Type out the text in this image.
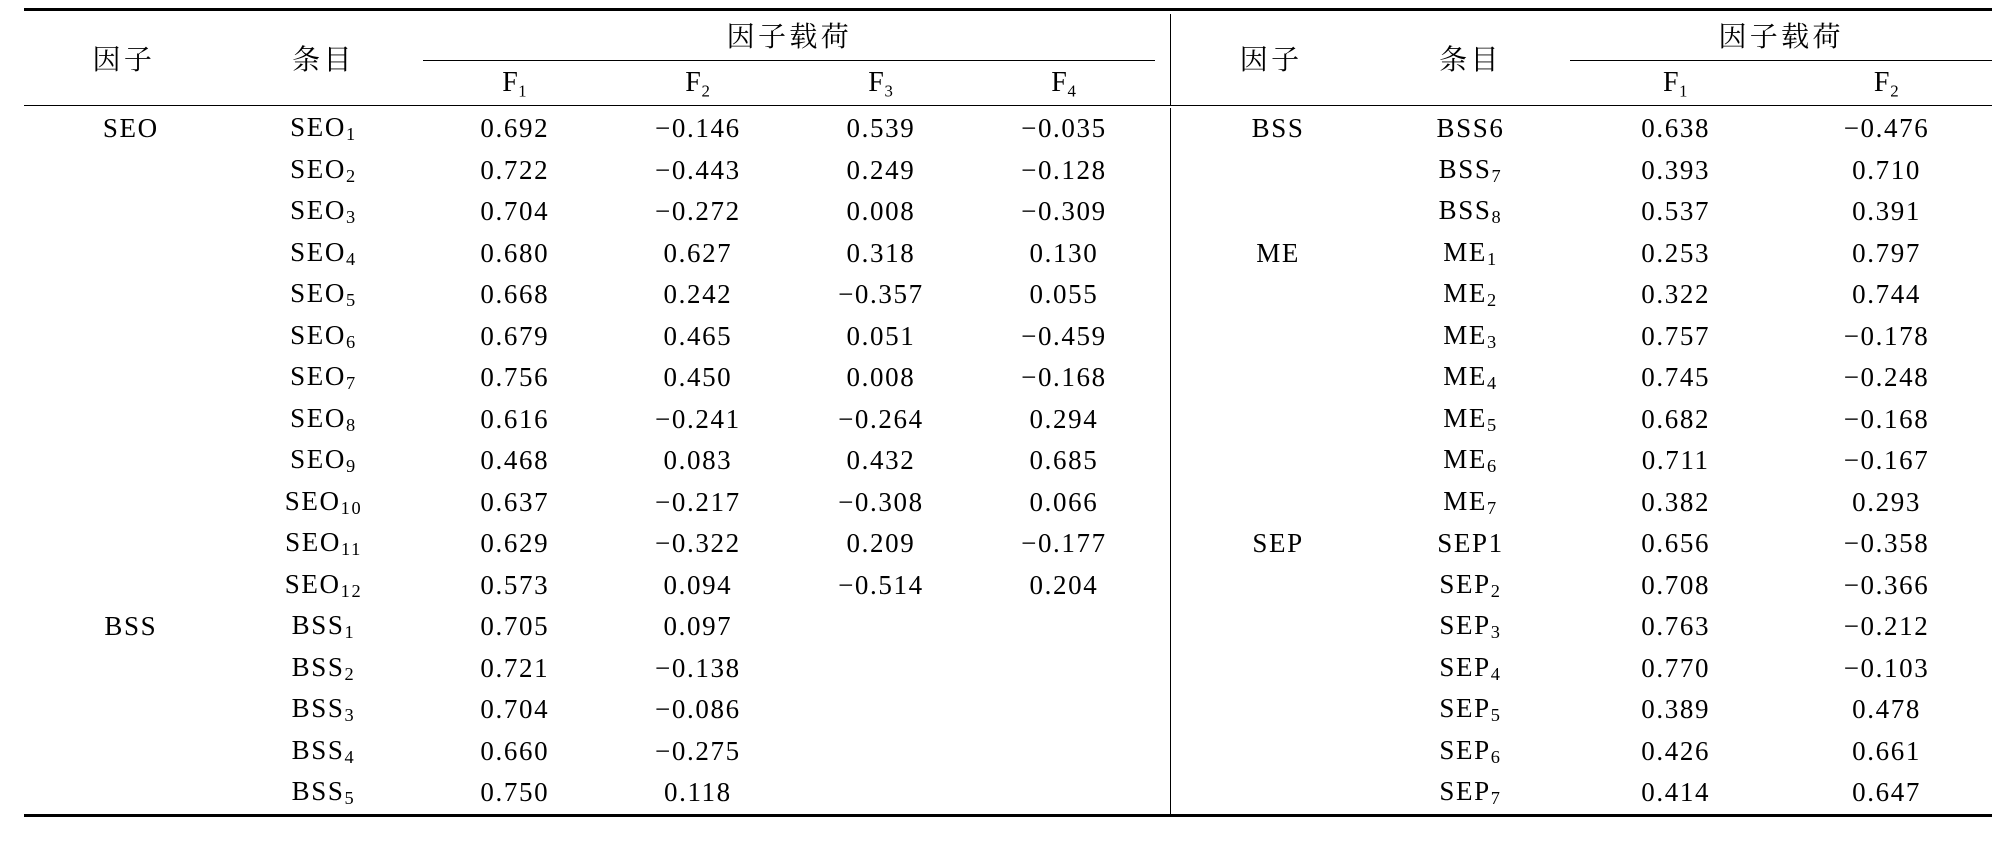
因子	条目	因子载荷					因子	条目	因子载荷	
		F₁	F₂	F₃	F₄				F₁	F₂

SEO	$SEO_1$	0.692	−0.146	0.539	−0.035		BSS	BSS6	0.638	−0.476
	$SEO_2$	0.722	−0.443	0.249	−0.128			$BSS_7$	0.393	0.710
	$SEO_3$	0.704	−0.272	0.008	−0.309			$BSS_8$	0.537	0.391
	$SEO_4$	0.680	0.627	0.318	0.130		ME	$ME_1$	0.253	0.797
	$SEO_5$	0.668	0.242	−0.357	0.055			$ME_2$	0.322	0.744
	$SEO_6$	0.679	0.465	0.051	−0.459			$ME_3$	0.757	−0.178
	$SEO_7$	0.756	0.450	0.008	−0.168			$ME_4$	0.745	−0.248
	$SEO_8$	0.616	−0.241	−0.264	0.294			$ME_5$	0.682	−0.168
	$SEO_9$	0.468	0.083	0.432	0.685			$ME_6$	0.711	−0.167
	$SEO_{10}$	0.637	−0.217	−0.308	0.066			$ME_7$	0.382	0.293
	$SEO_{11}$	0.629	−0.322	0.209	−0.177		SEP	SEP1	0.656	−0.358
	$SEO_{12}$	0.573	0.094	−0.514	0.204			$SEP_2$	0.708	−0.366
BSS	$BSS_1$	0.705	0.097					$SEP_3$	0.763	−0.212
	$BSS_2$	0.721	−0.138					$SEP_4$	0.770	−0.103
	$BSS_3$	0.704	−0.086					$SEP_5$	0.389	0.478
	$BSS_4$	0.660	−0.275					$SEP_6$	0.426	0.661
	$BSS_5$	0.750	0.118					$SEP_7$	0.414	0.647
